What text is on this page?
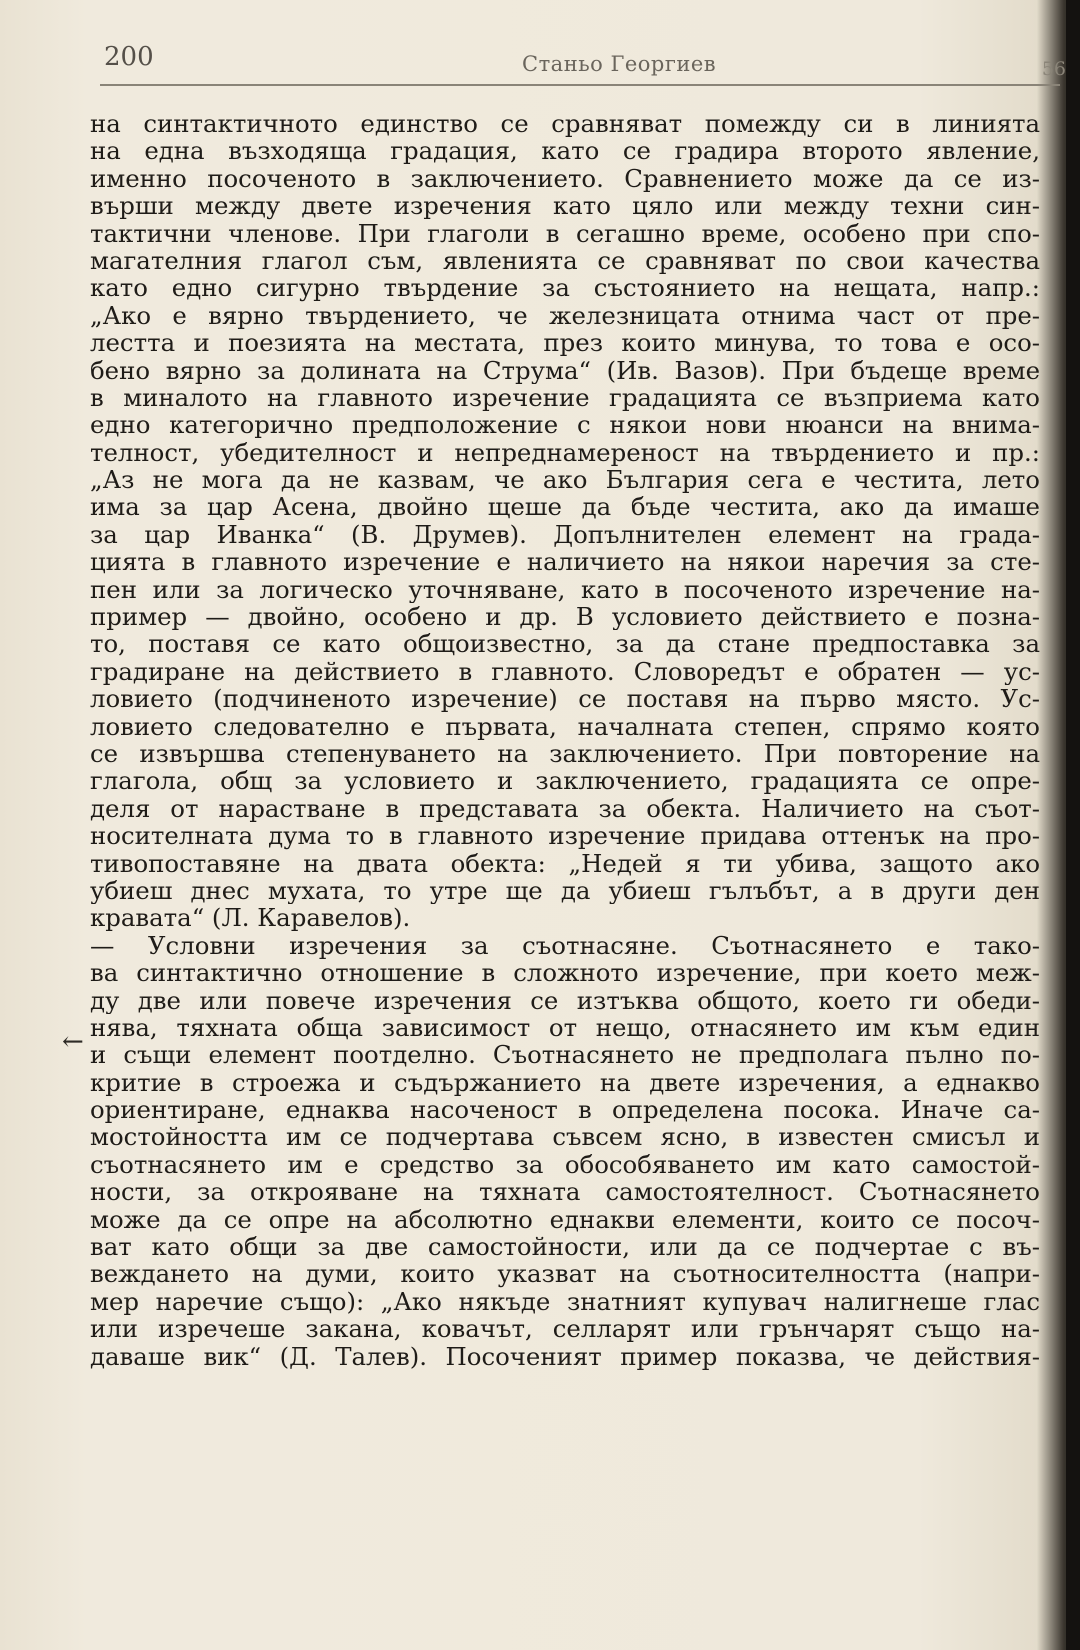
200	Станьо Георгиев	56
←
на синтактичното единство се сравняват помежду си в линията
на една възходяща градация, като се градира второто явление,
именно посоченото в заключението. Сравнението може да се из-
върши между двете изречения като цяло или между техни син-
тактични членове. При глаголи в сегашно време, особено при спо-
магателния глагол съм, явленията се сравняват по свои качества
като едно сигурно твърдение за състоянието на нещата, напр.:
„Ако е вярно твърдението, че железницата отнима част от пре-
лестта и поезията на местата, през които минува, то това е осо-
бено вярно за долината на Струма“ (Ив. Вазов). При бъдеще време
в миналото на главното изречение градацията се възприема като
едно категорично предположение с някои нови нюанси на внима-
телност, убедителност и непреднамереност на твърдението и пр.:
„Аз не мога да не казвам, че ако България сега е честита, лето
има за цар Асена, двойно щеше да бъде честита, ако да имаше
за цар Иванка“ (В. Друмев). Допълнителен елемент на града-
цията в главното изречение е наличието на някои наречия за сте-
пен или за логическо уточняване, като в посоченото изречение на-
пример — двойно, особено и др. В условието действието е позна-
то, поставя се като общоизвестно, за да стане предпоставка за
градиране на действието в главното. Словоредът е обратен — ус-
ловието (подчиненото изречение) се поставя на първо място. Ус-
ловието следователно е първата, началната степен, спрямо която
се извършва степенуването на заключението. При повторение на
глагола, общ за условието и заключението, градацията се опре-
деля от нарастване в представата за обекта. Наличието на съот-
носителната дума то в главното изречение придава оттенък на про-
тивопоставяне на двата обекта: „Недей я ти убива, защото ако
убиеш днес мухата, то утре ще да убиеш гълъбът, а в други ден
кравата“ (Л. Каравелов).
— Условни изречения за съотнасяне. Съотнасянето е тако-
ва синтактично отношение в сложното изречение, при което меж-
ду две или повече изречения се изтъква общото, което ги обеди-
нява, тяхната обща зависимост от нещо, отнасянето им към един
и същи елемент поотделно. Съотнасянето не предполага пълно по-
критие в строежа и съдържанието на двете изречения, а еднакво
ориентиране, еднаква насоченост в определена посока. Иначе са-
мостойността им се подчертава съвсем ясно, в известен смисъл и
съотнасянето им е средство за обособяването им като самостой-
ности, за открояване на тяхната самостоятелност. Съотнасянето
може да се опре на абсолютно еднакви елементи, които се посоч-
ват като общи за две самостойности, или да се подчертае с въ-
веждането на думи, които указват на съотносителността (напри-
мер наречие също): „Ако някъде знатният купувач налигнеше глас
или изречеше закана, ковачът, селларят или грънчарят също на-
даваше вик“ (Д. Талев). Посоченият пример показва, че действия-
